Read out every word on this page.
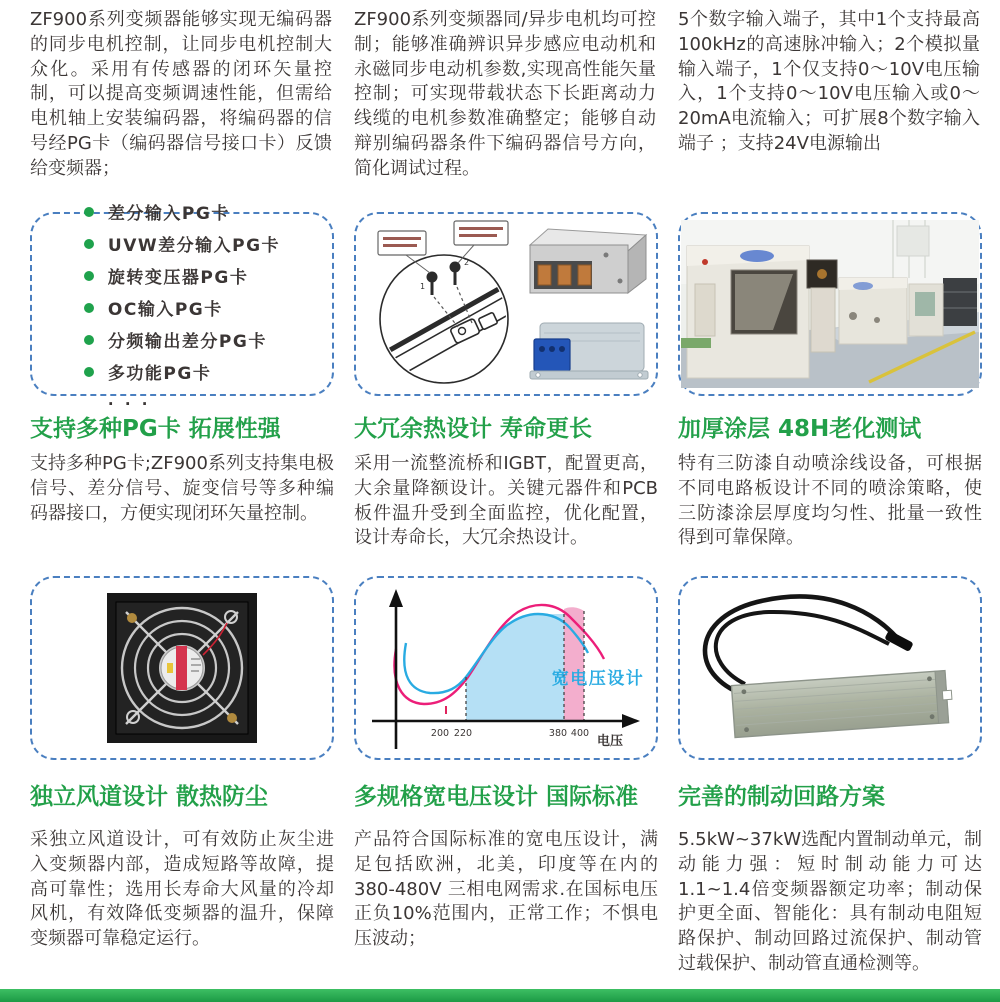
ZF900系列变频器能够实现无编码器的同步电机控制，让同步电机控制大众化。采用有传感器的闭环矢量控制，可以提高变频调速性能，但需给电机轴上安装编码器，将编码器的信号经PG卡（编码器信号接口卡）反馈给变频器；

ZF900系列变频器同/异步电机均可控制；能够准确辨识异步感应电动机和永磁同步电动机参数,实现高性能矢量控制；可实现带载状态下长距离动力线缆的电机参数准确整定；能够自动辩别编码器条件下编码器信号方向，简化调试过程。

5个数字输入端子，其中1个支持最高100kHz的高速脉冲输入；2个模拟量输入端子，1个仅支持0〜10V电压输入，1个支持0〜10V电压输入或0〜20mA电流输入；可扩展8个数字输入端子 ；支持24V电源输出

差分输入PG卡
UVW差分输入PG卡
旋转变压器PG卡
OC输入PG卡
分频输出差分PG卡
多功能PG卡
. . .
1
2
支持多种PG卡 拓展性强	大冗余热设计 寿命更长	加厚涂层 48H老化测试

支持多种PG卡;ZF900系列支持集电极信号、差分信号、旋变信号等多种编码器接口，方便实现闭环矢量控制。

采用一流整流桥和IGBT，配置更高，大余量降额设计。关键元器件和PCB板件温升受到全面监控，优化配置，设计寿命长，大冗余热设计。

特有三防漆自动喷涂线设备，可根据不同电路板设计不同的喷涂策略，使三防漆涂层厚度均匀性、批量一致性得到可靠保障。

200 220	380 400
电压
宽电压设计
独立风道设计 散热防尘	多规格宽电压设计 国际标准	完善的制动回路方案

采独立风道设计，可有效防止灰尘进入变频器内部，造成短路等故障，提高可靠性；选用长寿命大风量的冷却风机，有效降低变频器的温升，保障变频器可靠稳定运行。

产品符合国际标准的宽电压设计，满足包括欧洲，北美，印度等在内的380-480V 三相电网需求.在国标电压正负10%范围内，正常工作；不惧电压波动；

5.5kW~37kW选配内置制动单元，制动能力强：短时制动能力可达1.1~1.4倍变频器额定功率；制动保护更全面、智能化：具有制动电阻短路保护、制动回路过流保护、制动管过载保护、制动管直通检测等。
